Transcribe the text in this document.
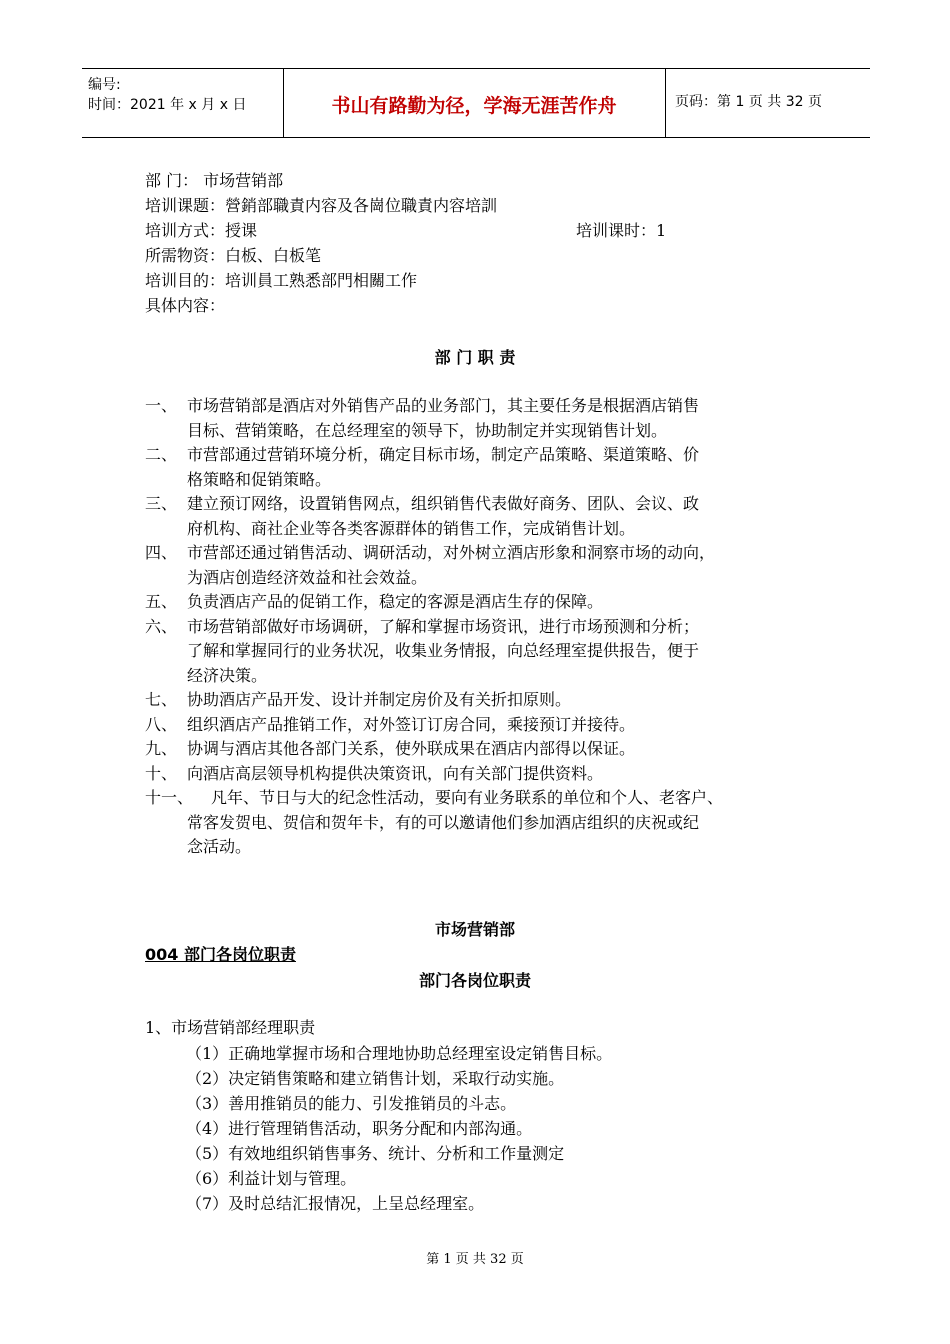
编号:
时间：2021 年 x 月 x 日	书山有路勤为径，学海无涯苦作舟	页码：第 1 页 共 32 页
部 门： 市场营销部
培训课题：營銷部職責内容及各崗位職責内容培訓
培训方式：授课	培训课时：1
所需物资：白板、白板笔
培训目的：培训員工熟悉部門相關工作
具体内容：
部 门 职 责
一、 市场营销部是酒店对外销售产品的业务部门，其主要任务是根据酒店销售
目标、营销策略，在总经理室的领导下，协助制定并实现销售计划。
二、 市营部通过营销环境分析，确定目标市场，制定产品策略、渠道策略、价
格策略和促销策略。
三、 建立预订网络，设置销售网点，组织销售代表做好商务、团队、会议、政
府机构、商社企业等各类客源群体的销售工作，完成销售计划。
四、 市营部还通过销售活动、调研活动，对外树立酒店形象和洞察市场的动向，
为酒店创造经济效益和社会效益。
五、 负责酒店产品的促销工作，稳定的客源是酒店生存的保障。
六、 市场营销部做好市场调研，了解和掌握市场资讯，进行市场预测和分析；
了解和掌握同行的业务状况，收集业务情报，向总经理室提供报告，便于
经济决策。
七、 协助酒店产品开发、设计并制定房价及有关折扣原则。
八、 组织酒店产品推销工作，对外签订订房合同，乘接预订并接待。
九、 协调与酒店其他各部门关系，使外联成果在酒店内部得以保证。
十、 向酒店高层领导机构提供决策资讯，向有关部门提供资料。
十一、 凡年、节日与大的纪念性活动，要向有业务联系的单位和个人、老客户、
常客发贺电、贺信和贺年卡，有的可以邀请他们参加酒店组织的庆祝或纪
念活动。
市场营销部
004 部门各岗位职责
部门各岗位职责
1、市场营销部经理职责
（1）正确地掌握市场和合理地协助总经理室设定销售目标。
（2）决定销售策略和建立销售计划，采取行动实施。
（3）善用推销员的能力、引发推销员的斗志。
（4）进行管理销售活动，职务分配和内部沟通。
（5）有效地组织销售事务、统计、分析和工作量测定
（6）利益计划与管理。
（7）及时总结汇报情况，上呈总经理室。
第 1 页 共 32 页
